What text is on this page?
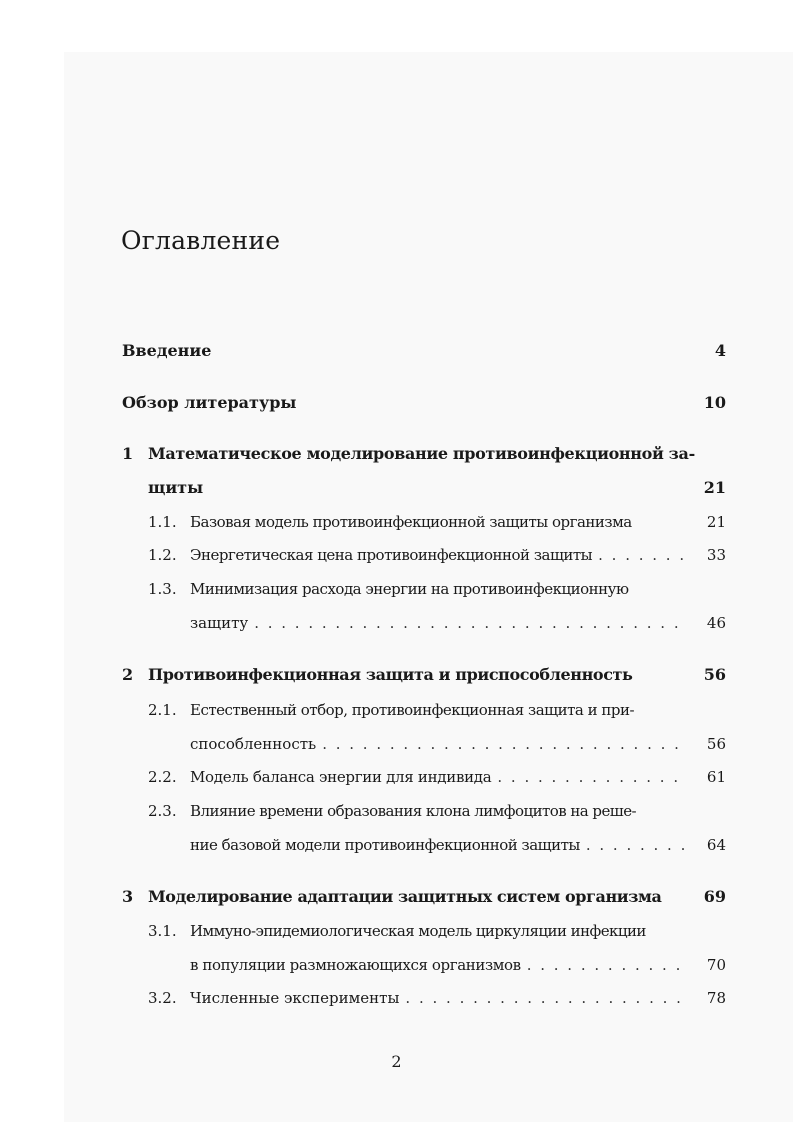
Оглавление
Введение	4
Обзор литературы	10
1 Математическое моделирование противоинфекционной за-
щиты	21
1.1. Базовая модель противоинфекционной защиты организма	21
1.2. Энергетическая цена противоинфекционной защиты . . .	33
1.3. Минимизация расхода энергии на противоинфекционную
защиту . . .	46
2 Противоинфекционная защита и приспособленность	56
2.1. Естественный отбор, противоинфекционная защита и при-
способленность . . .	56
2.2. Модель баланса энергии для индивида . . .	61
2.3. Влияние времени образования клона лимфоцитов на реше-
ние базовой модели противоинфекционной защиты . . .	64
3 Моделирование адаптации защитных систем организма	69
3.1. Иммуно-эпидемиологическая модель циркуляции инфекции
в популяции размножающихся организмов . . .	70
3.2. Численные эксперименты . . .	78
2
